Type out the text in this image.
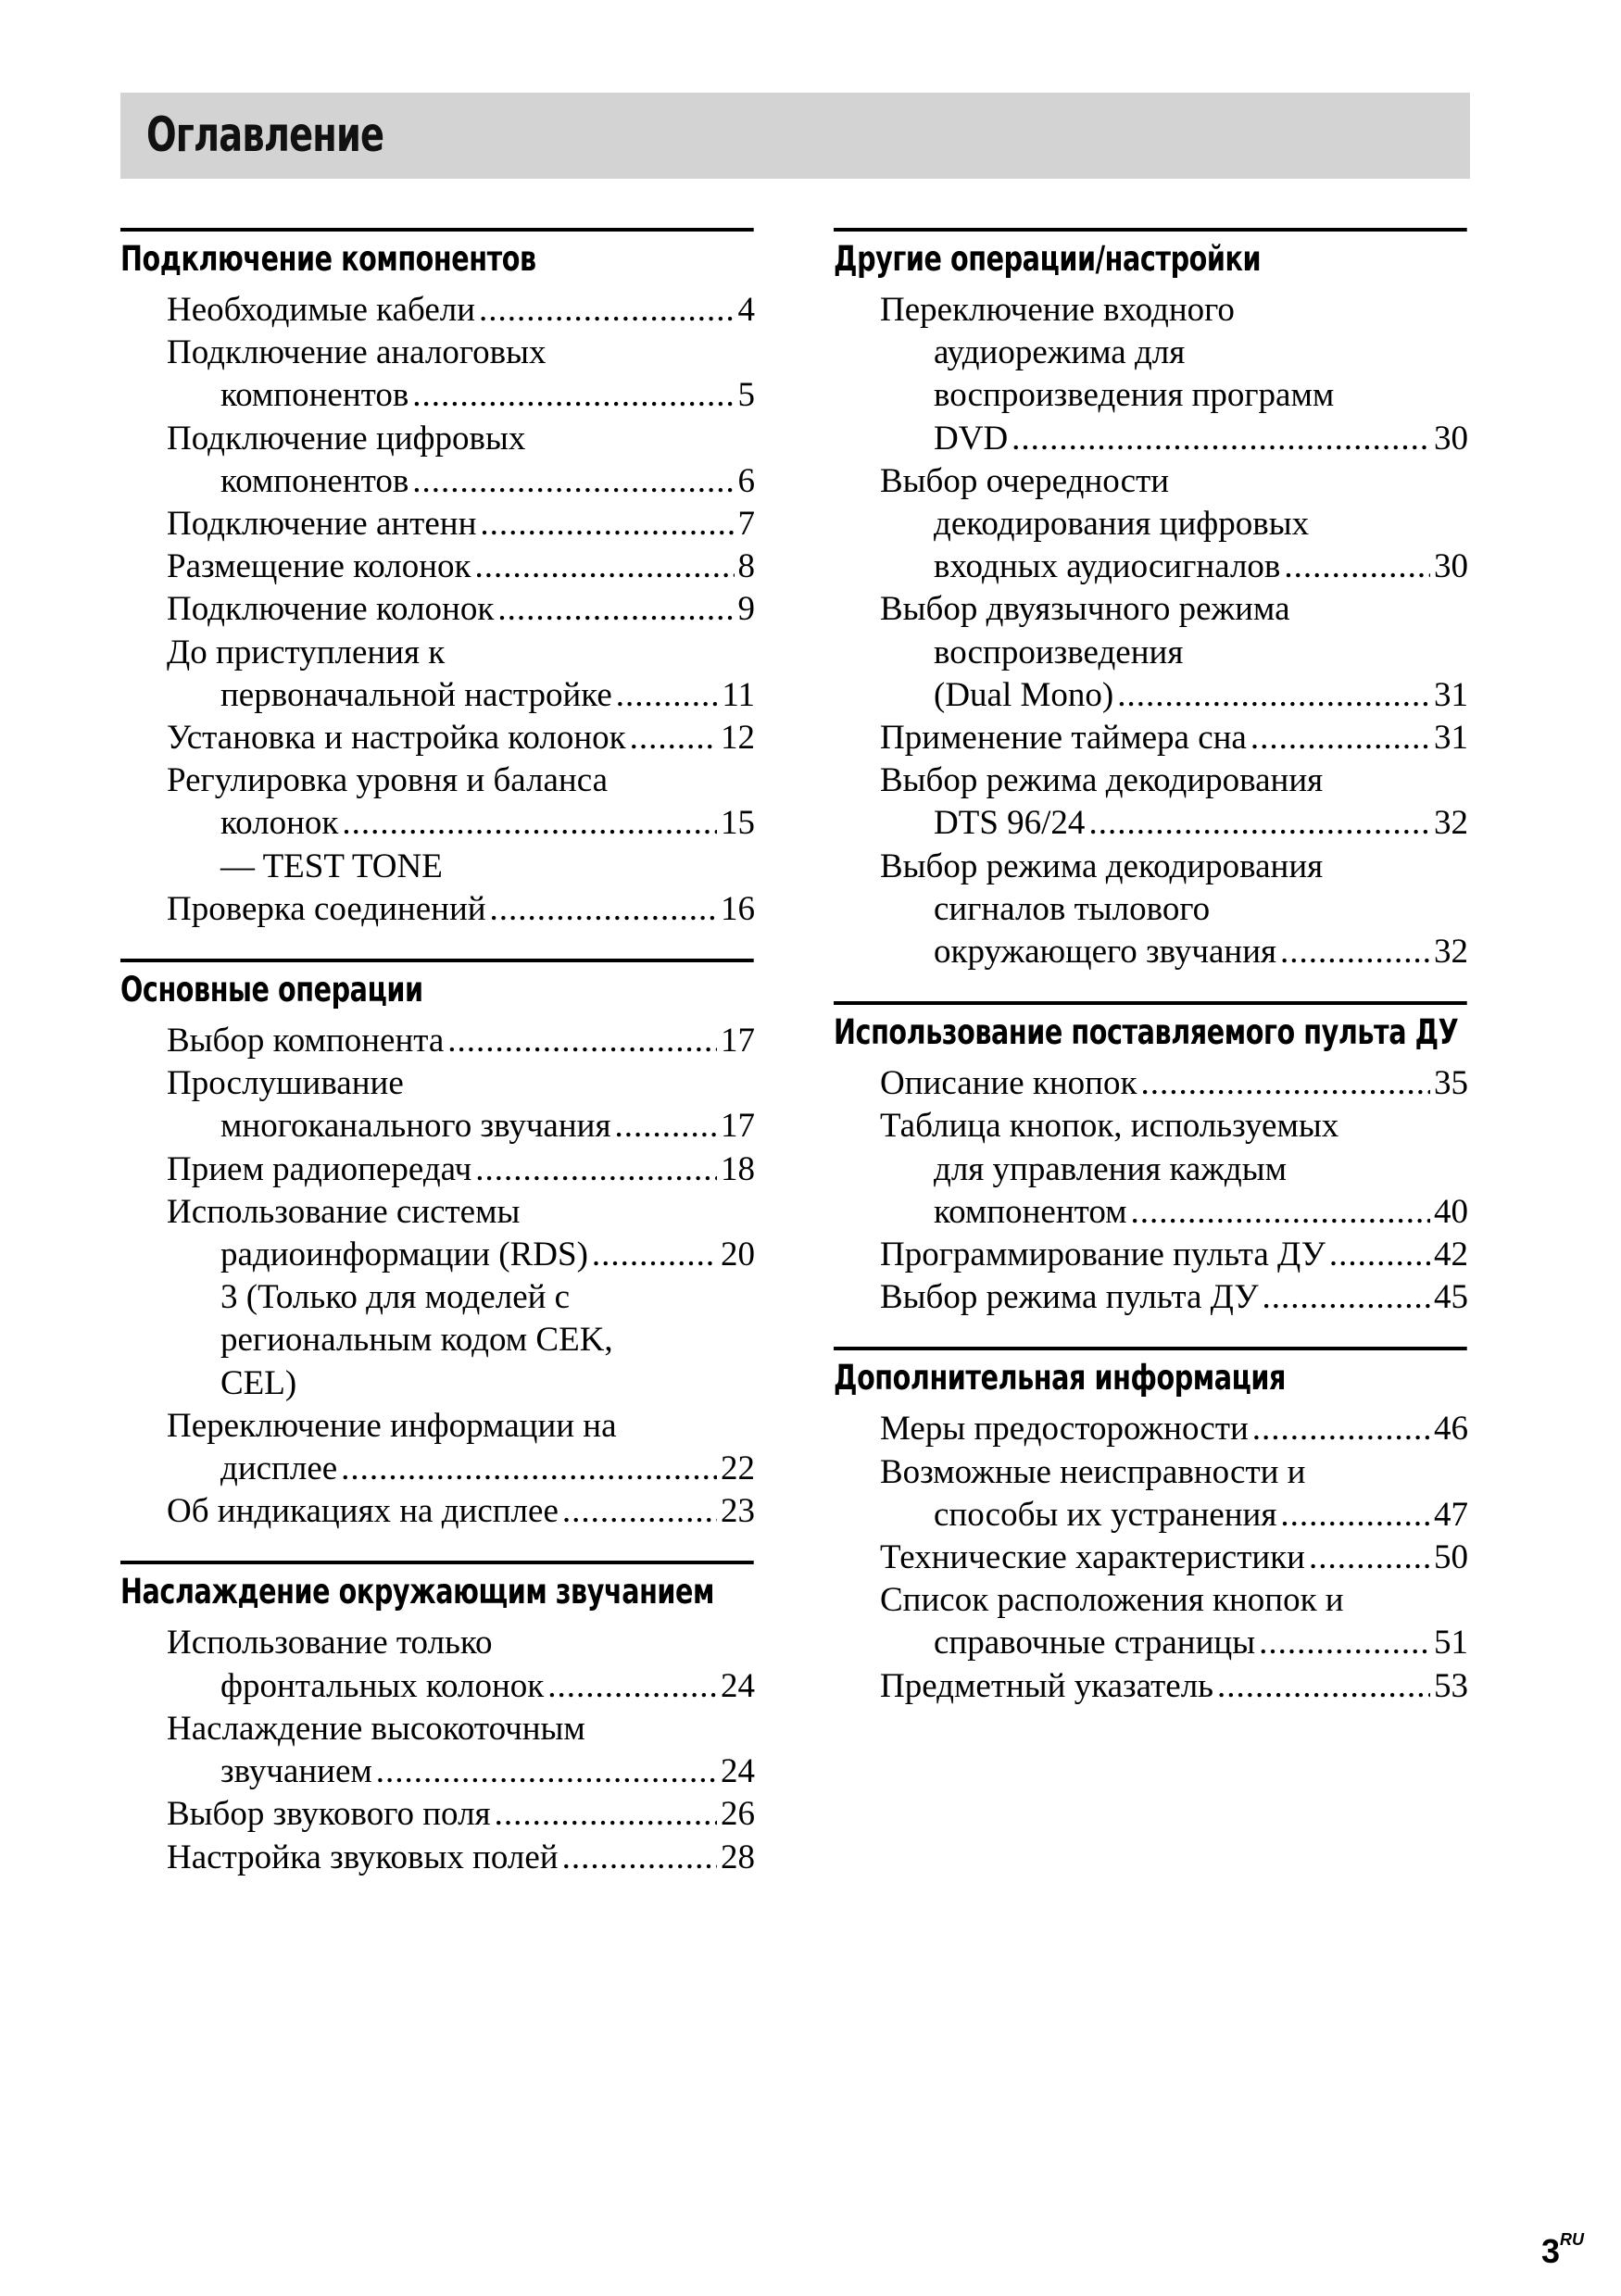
Оглавление
Подключение компонентов
Необходимые кабели .....	4
Подключение аналоговых
компонентов .....	5
Подключение цифровых
компонентов .....	6
Подключение антенн .....	7
Размещение колонок .....	8
Подключение колонок .....	9
До приступления к
первоначальной настройке .....	11
Установка и настройка колонок .....	12
Регулировка уровня и баланса
колонок .....	15
— TEST TONE
Проверка соединений .....	16
Основные операции
Выбор компонента .....	17
Прослушивание
многоканального звучания .....	17
Прием радиопередач .....	18
Использование системы
радиоинформации (RDS) .....	20
3 (Только для моделей с
региональным кодом CEK,
CEL)
Переключение информации на
дисплее .....	22
Об индикациях на дисплее .....	23
Наслаждение окружающим звучанием
Использование только
фронтальных колонок .....	24
Наслаждение высокоточным
звучанием .....	24
Выбор звукового поля .....	26
Настройка звуковых полей .....	28
Другие операции/настройки
Переключение входного
аудиорежима для
воспроизведения программ
DVD .....	30
Выбор очередности
декодирования цифровых
входных аудиосигналов .....	30
Выбор двуязычного режима
воспроизведения
(Dual Mono) .....	31
Применение таймера сна .....	31
Выбор режима декодирования
DTS 96/24 .....	32
Выбор режима декодирования
сигналов тылового
окружающего звучания .....	32
Использование поставляемого пульта ДУ
Описание кнопок .....	35
Таблица кнопок, используемых
для управления каждым
компонентом .....	40
Программирование пульта ДУ .....	42
Выбор режима пульта ДУ .....	45
Дополнительная информация
Меры предосторожности .....	46
Возможные неисправности и
способы их устранения .....	47
Технические характеристики .....	50
Список расположения кнопок и
справочные страницы .....	51
Предметный указатель .....	53
$3^{RU}$
